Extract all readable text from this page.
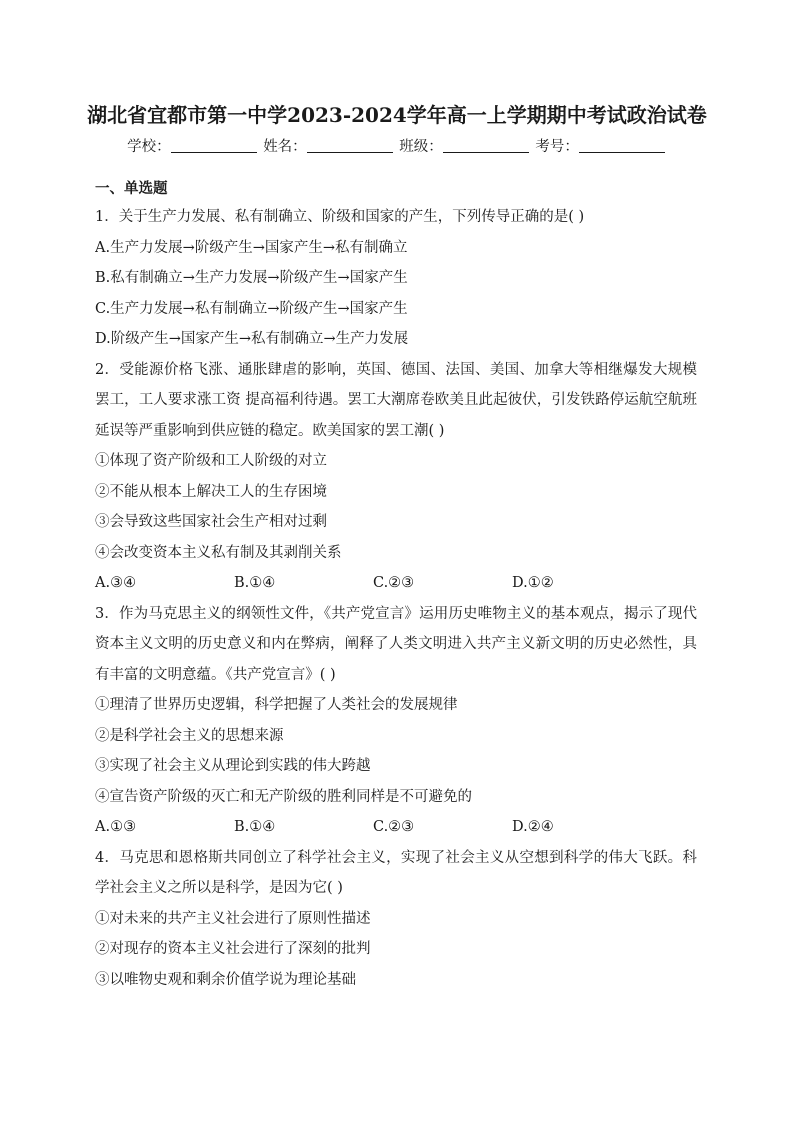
湖北省宜都市第一中学2023-2024学年高一上学期期中考试政治试卷
学校：	姓名：	班级：	考号：
一、单选题
1．关于生产力发展、私有制确立、阶级和国家的产生，下列传导正确的是( )
A.生产力发展→阶级产生→国家产生→私有制确立
B.私有制确立→生产力发展→阶级产生→国家产生
C.生产力发展→私有制确立→阶级产生→国家产生
D.阶级产生→国家产生→私有制确立→生产力发展

2．受能源价格飞涨、通胀肆虐的影响，英国、德国、法国、美国、加拿大等相继爆发大规模罢工，工人要求涨工资 提高福利待遇。罢工大潮席卷欧美且此起彼伏，引发铁路停运航空航班延误等严重影响到供应链的稳定。欧美国家的罢工潮( )

①体现了资产阶级和工人阶级的对立
②不能从根本上解决工人的生存困境
③会导致这些国家社会生产相对过剩
④会改变资本主义私有制及其剥削关系
A.③④	B.①④	C.②③	D.①②

3．作为马克思主义的纲领性文件，《共产党宣言》运用历史唯物主义的基本观点，揭示了现代资本主义文明的历史意义和内在弊病，阐释了人类文明进入共产主义新文明的历史必然性，具有丰富的文明意蕴。《共产党宣言》( )

①理清了世界历史逻辑，科学把握了人类社会的发展规律
②是科学社会主义的思想来源
③实现了社会主义从理论到实践的伟大跨越
④宣告资产阶级的灭亡和无产阶级的胜利同样是不可避免的
A.①③	B.①④	C.②③	D.②④

4．马克思和恩格斯共同创立了科学社会主义，实现了社会主义从空想到科学的伟大飞跃。科学社会主义之所以是科学，是因为它( )

①对未来的共产主义社会进行了原则性描述
②对现存的资本主义社会进行了深刻的批判
③以唯物史观和剩余价值学说为理论基础
